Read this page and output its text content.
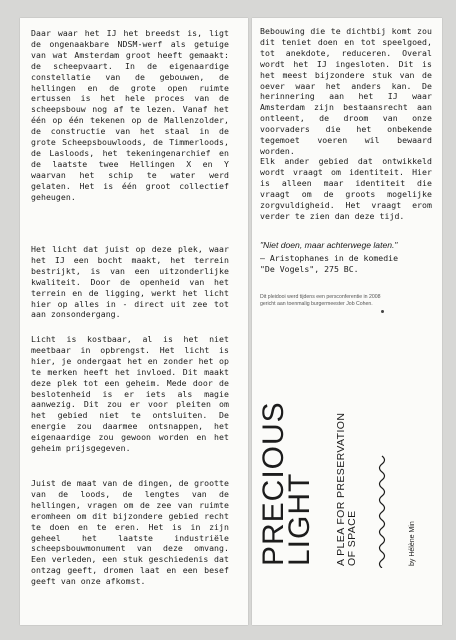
Daar waar het IJ het breedst is, ligt de ongenaakbare NDSM-werf als getuige van wat Amsterdam groot heeft gemaakt: de scheepvaart. In de eigenaardige constellatie van de gebouwen, de hellingen en de grote open ruimte ertussen is het hele proces van de scheepsbouw nog af te lezen. Vanaf het één op één tekenen op de Mallenzolder, de constructie van het staal in de grote Scheepsbouwloods, de Timmerloods, de Lasloods, het tekeningenarchief en de laatste twee Hellingen X en Y waarvan het schip te water werd gelaten. Het is één groot collectief geheugen.

Het licht dat juist op deze plek, waar het IJ een bocht maakt, het terrein bestrijkt, is van een uitzonderlijke kwaliteit. Door de openheid van het terrein en de ligging, werkt het licht hier op alles in - direct uit zee tot aan zonsondergang.

Licht is kostbaar, al is het niet meetbaar in opbrengst. Het licht is hier, je ondergaat het en zonder het op te merken heeft het invloed. Dit maakt deze plek tot een geheim. Mede door de beslotenheid is er iets als magie aanwezig. Dit zou er voor pleiten om het gebied niet te ontsluiten. De energie zou daarmee ontsnappen, het eigenaardige zou gewoon worden en het geheim prijsgegeven.

Juist de maat van de dingen, de grootte van de loods, de lengtes van de hellingen, vragen om de zee van ruimte eromheen om dit bijzondere gebied recht te doen en te eren. Het is in zijn geheel het laatste industriële scheepsbouwmonument van deze omvang. Een verleden, een stuk geschiedenis dat ontzag geeft, dromen laat en een besef geeft van onze afkomst.

Bebouwing die te dichtbij komt zou dit teniet doen en tot speelgoed, tot anekdote, reduceren. Overal wordt het IJ ingesloten. Dit is het meest bijzondere stuk van de oever waar het anders kan. De herinnering aan het IJ waar Amsterdam zijn bestaansrecht aan ontleent, de droom van onze voorvaders die het onbekende tegemoet voeren wil bewaard worden.

Elk ander gebied dat ontwikkeld wordt vraagt om identiteit. Hier is alleen maar identiteit die vraagt om de groots mogelijke zorgvuldigheid. Het vraagt erom verder te zien dan deze tijd.

"Niet doen, maar achterwege laten."

– Aristophanes in de komedie

"De Vogels", 275 BC.

Dit pleidooi werd tijdens een persconferentie in 2008

gericht aan toenmalig burgermeester Job Cohen.

PRECIOUS
LIGHT A PLEA FOR PRESERVATION OF SPACE	by Hélène Min
